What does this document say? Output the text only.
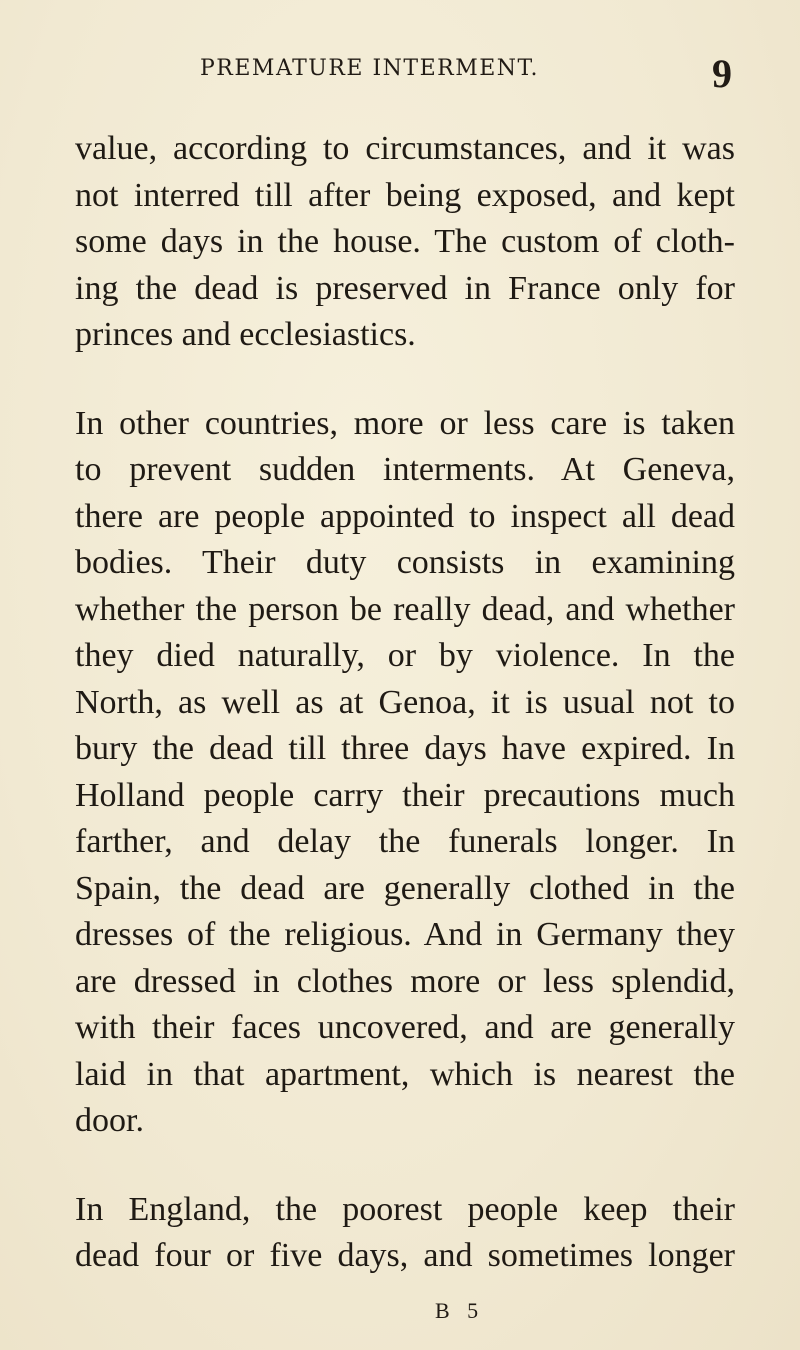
PREMATURE INTERMENT.	9
value, according to circumstances, and it was
not interred till after being exposed, and kept
some days in the house. The custom of cloth-
ing the dead is preserved in France only for
princes and ecclesiastics.
In other countries, more or less care is taken
to prevent sudden interments. At Geneva,
there are people appointed to inspect all dead
bodies. Their duty consists in examining
whether the person be really dead, and whether
they died naturally, or by violence. In the
North, as well as at Genoa, it is usual not to
bury the dead till three days have expired. In
Holland people carry their precautions much
farther, and delay the funerals longer. In
Spain, the dead are generally clothed in the
dresses of the religious. And in Germany they
are dressed in clothes more or less splendid,
with their faces uncovered, and are generally
laid in that apartment, which is nearest the
door.
In England, the poorest people keep their
dead four or five days, and sometimes longer
B 5
